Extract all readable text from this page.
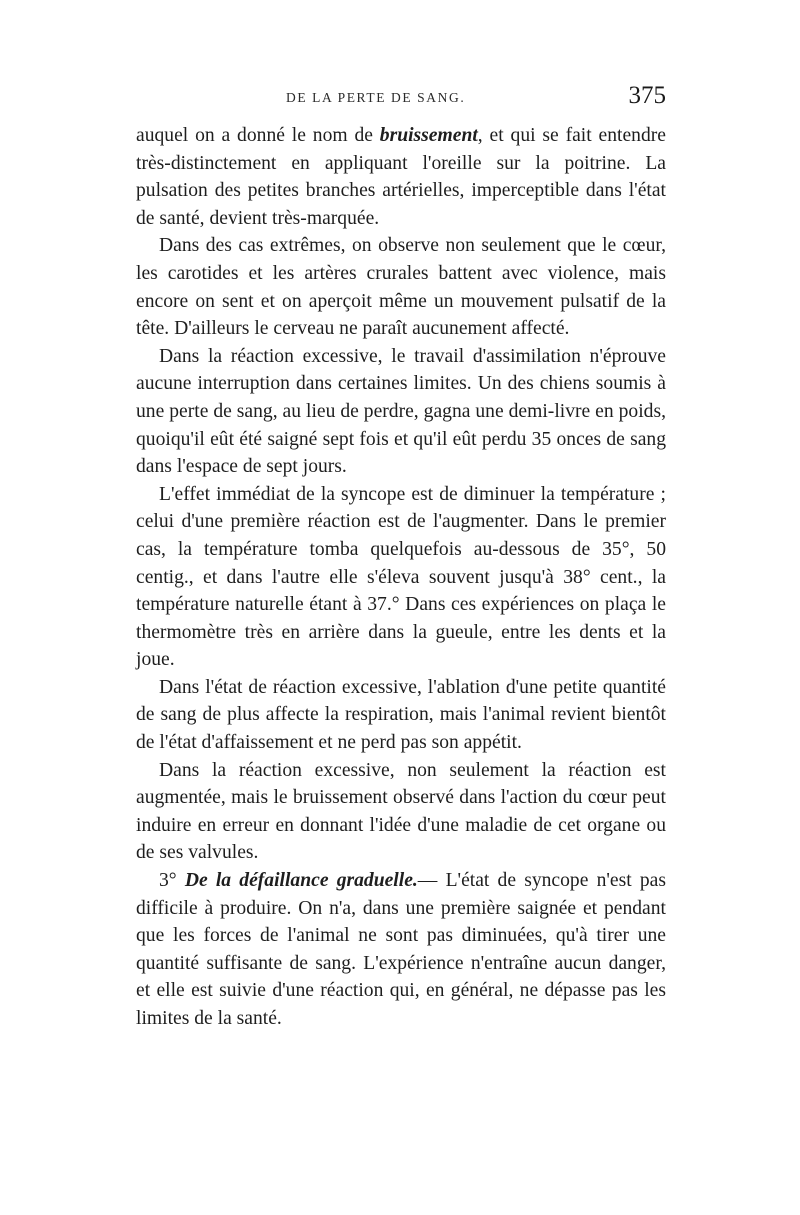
DE LA PERTE DE SANG.	375

auquel on a donné le nom de bruissement, et qui se fait entendre très-distinctement en appliquant l'oreille sur la poitrine. La pulsation des petites branches artérielles, imperceptible dans l'état de santé, devient très-marquée.

Dans des cas extrêmes, on observe non seulement que le cœur, les carotides et les artères crurales battent avec violence, mais encore on sent et on aperçoit même un mouvement pulsatif de la tête. D'ailleurs le cerveau ne paraît aucunement affecté.

Dans la réaction excessive, le travail d'assimilation n'éprouve aucune interruption dans certaines limites. Un des chiens soumis à une perte de sang, au lieu de perdre, gagna une demi-livre en poids, quoiqu'il eût été saigné sept fois et qu'il eût perdu 35 onces de sang dans l'espace de sept jours.

L'effet immédiat de la syncope est de diminuer la température ; celui d'une première réaction est de l'augmenter. Dans le premier cas, la température tomba quelquefois au-dessous de 35°, 50 centig., et dans l'autre elle s'éleva souvent jusqu'à 38° cent., la température naturelle étant à 37.° Dans ces expériences on plaça le thermomètre très en arrière dans la gueule, entre les dents et la joue.

Dans l'état de réaction excessive, l'ablation d'une petite quantité de sang de plus affecte la respiration, mais l'animal revient bientôt de l'état d'affaissement et ne perd pas son appétit.

Dans la réaction excessive, non seulement la réaction est augmentée, mais le bruissement observé dans l'action du cœur peut induire en erreur en donnant l'idée d'une maladie de cet organe ou de ses valvules.

3° De la défaillance graduelle.— L'état de syncope n'est pas difficile à produire. On n'a, dans une première saignée et pendant que les forces de l'animal ne sont pas diminuées, qu'à tirer une quantité suffisante de sang. L'expérience n'entraîne aucun danger, et elle est suivie d'une réaction qui, en général, ne dépasse pas les limites de la santé.
